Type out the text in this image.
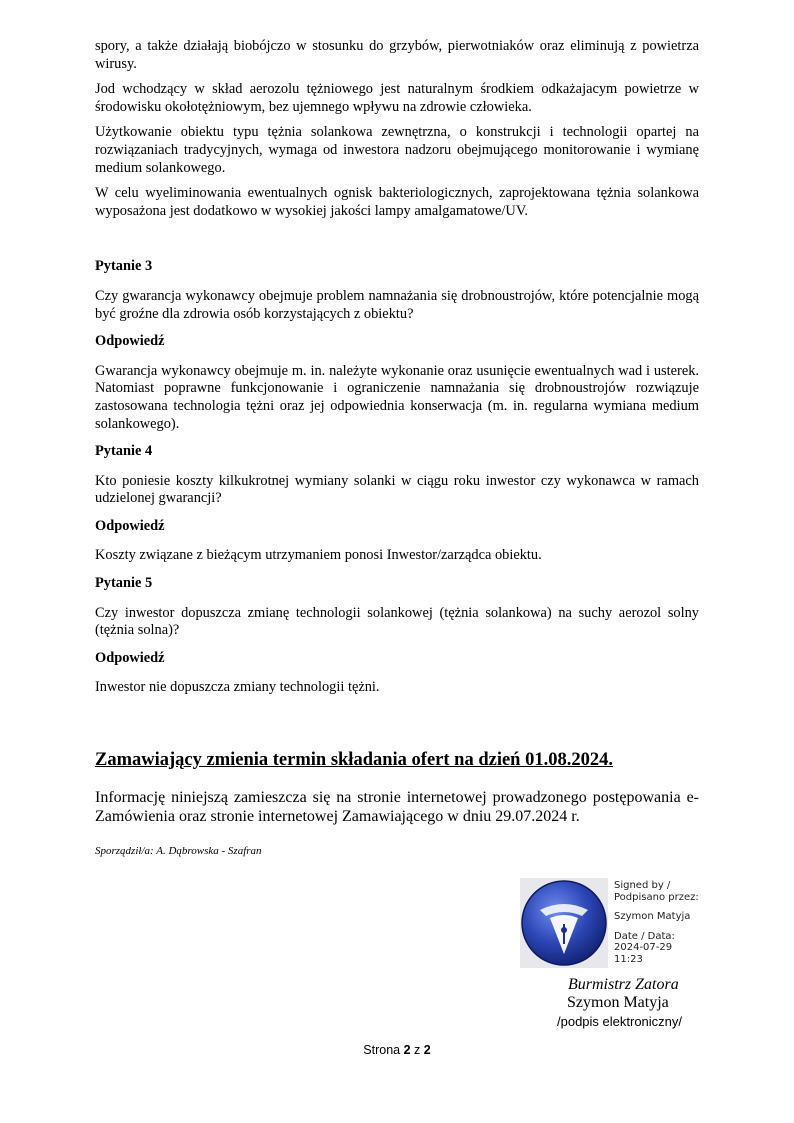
spory, a także działają biobójczo w stosunku do grzybów, pierwotniaków oraz eliminują z powietrza wirusy.

Jod wchodzący w skład aerozolu tężniowego jest naturalnym środkiem odkażajacym powietrze w środowisku okołotężniowym, bez ujemnego wpływu na zdrowie człowieka.

Użytkowanie obiektu typu tężnia solankowa zewnętrzna, o konstrukcji i technologii opartej na rozwiązaniach tradycyjnych, wymaga od inwestora nadzoru obejmującego monitorowanie i wymianę medium solankowego.

W celu wyeliminowania ewentualnych ognisk bakteriologicznych, zaprojektowana tężnia solankowa wyposażona jest dodatkowo w wysokiej jakości lampy amalgamatowe/UV.

Pytanie 3

Czy gwarancja wykonawcy obejmuje problem namnażania się drobnoustrojów, które potencjalnie mogą być groźne dla zdrowia osób korzystających z obiektu?

Odpowiedź

Gwarancja wykonawcy obejmuje m. in. należyte wykonanie oraz usunięcie ewentualnych wad i usterek. Natomiast poprawne funkcjonowanie i ograniczenie namnażania się drobnoustrojów rozwiązuje zastosowana technologia tężni oraz jej odpowiednia konserwacja (m. in. regularna wymiana medium solankowego).

Pytanie 4

Kto poniesie koszty kilkukrotnej wymiany solanki w ciągu roku inwestor czy wykonawca w ramach udzielonej gwarancji?

Odpowiedź

Koszty związane z bieżącym utrzymaniem ponosi Inwestor/zarządca obiektu.

Pytanie 5

Czy inwestor dopuszcza zmianę technologii solankowej (tężnia solankowa) na suchy aerozol solny (tężnia solna)?

Odpowiedź

Inwestor nie dopuszcza zmiany technologii tężni.

Zamawiający zmienia termin składania ofert na dzień 01.08.2024.

Informację niniejszą zamieszcza się na stronie internetowej prowadzonego postępowania e-Zamówienia oraz stronie internetowej Zamawiającego w dniu 29.07.2024 r.

Sporządził/a: A. Dąbrowska - Szafran

Signed by /
Podpisano przez:
Szymon Matyja
Date / Data:
2024-07-29
11:23

Burmistrz Zatora

Szymon Matyja

/podpis elektroniczny/

Strona 2 z 2
